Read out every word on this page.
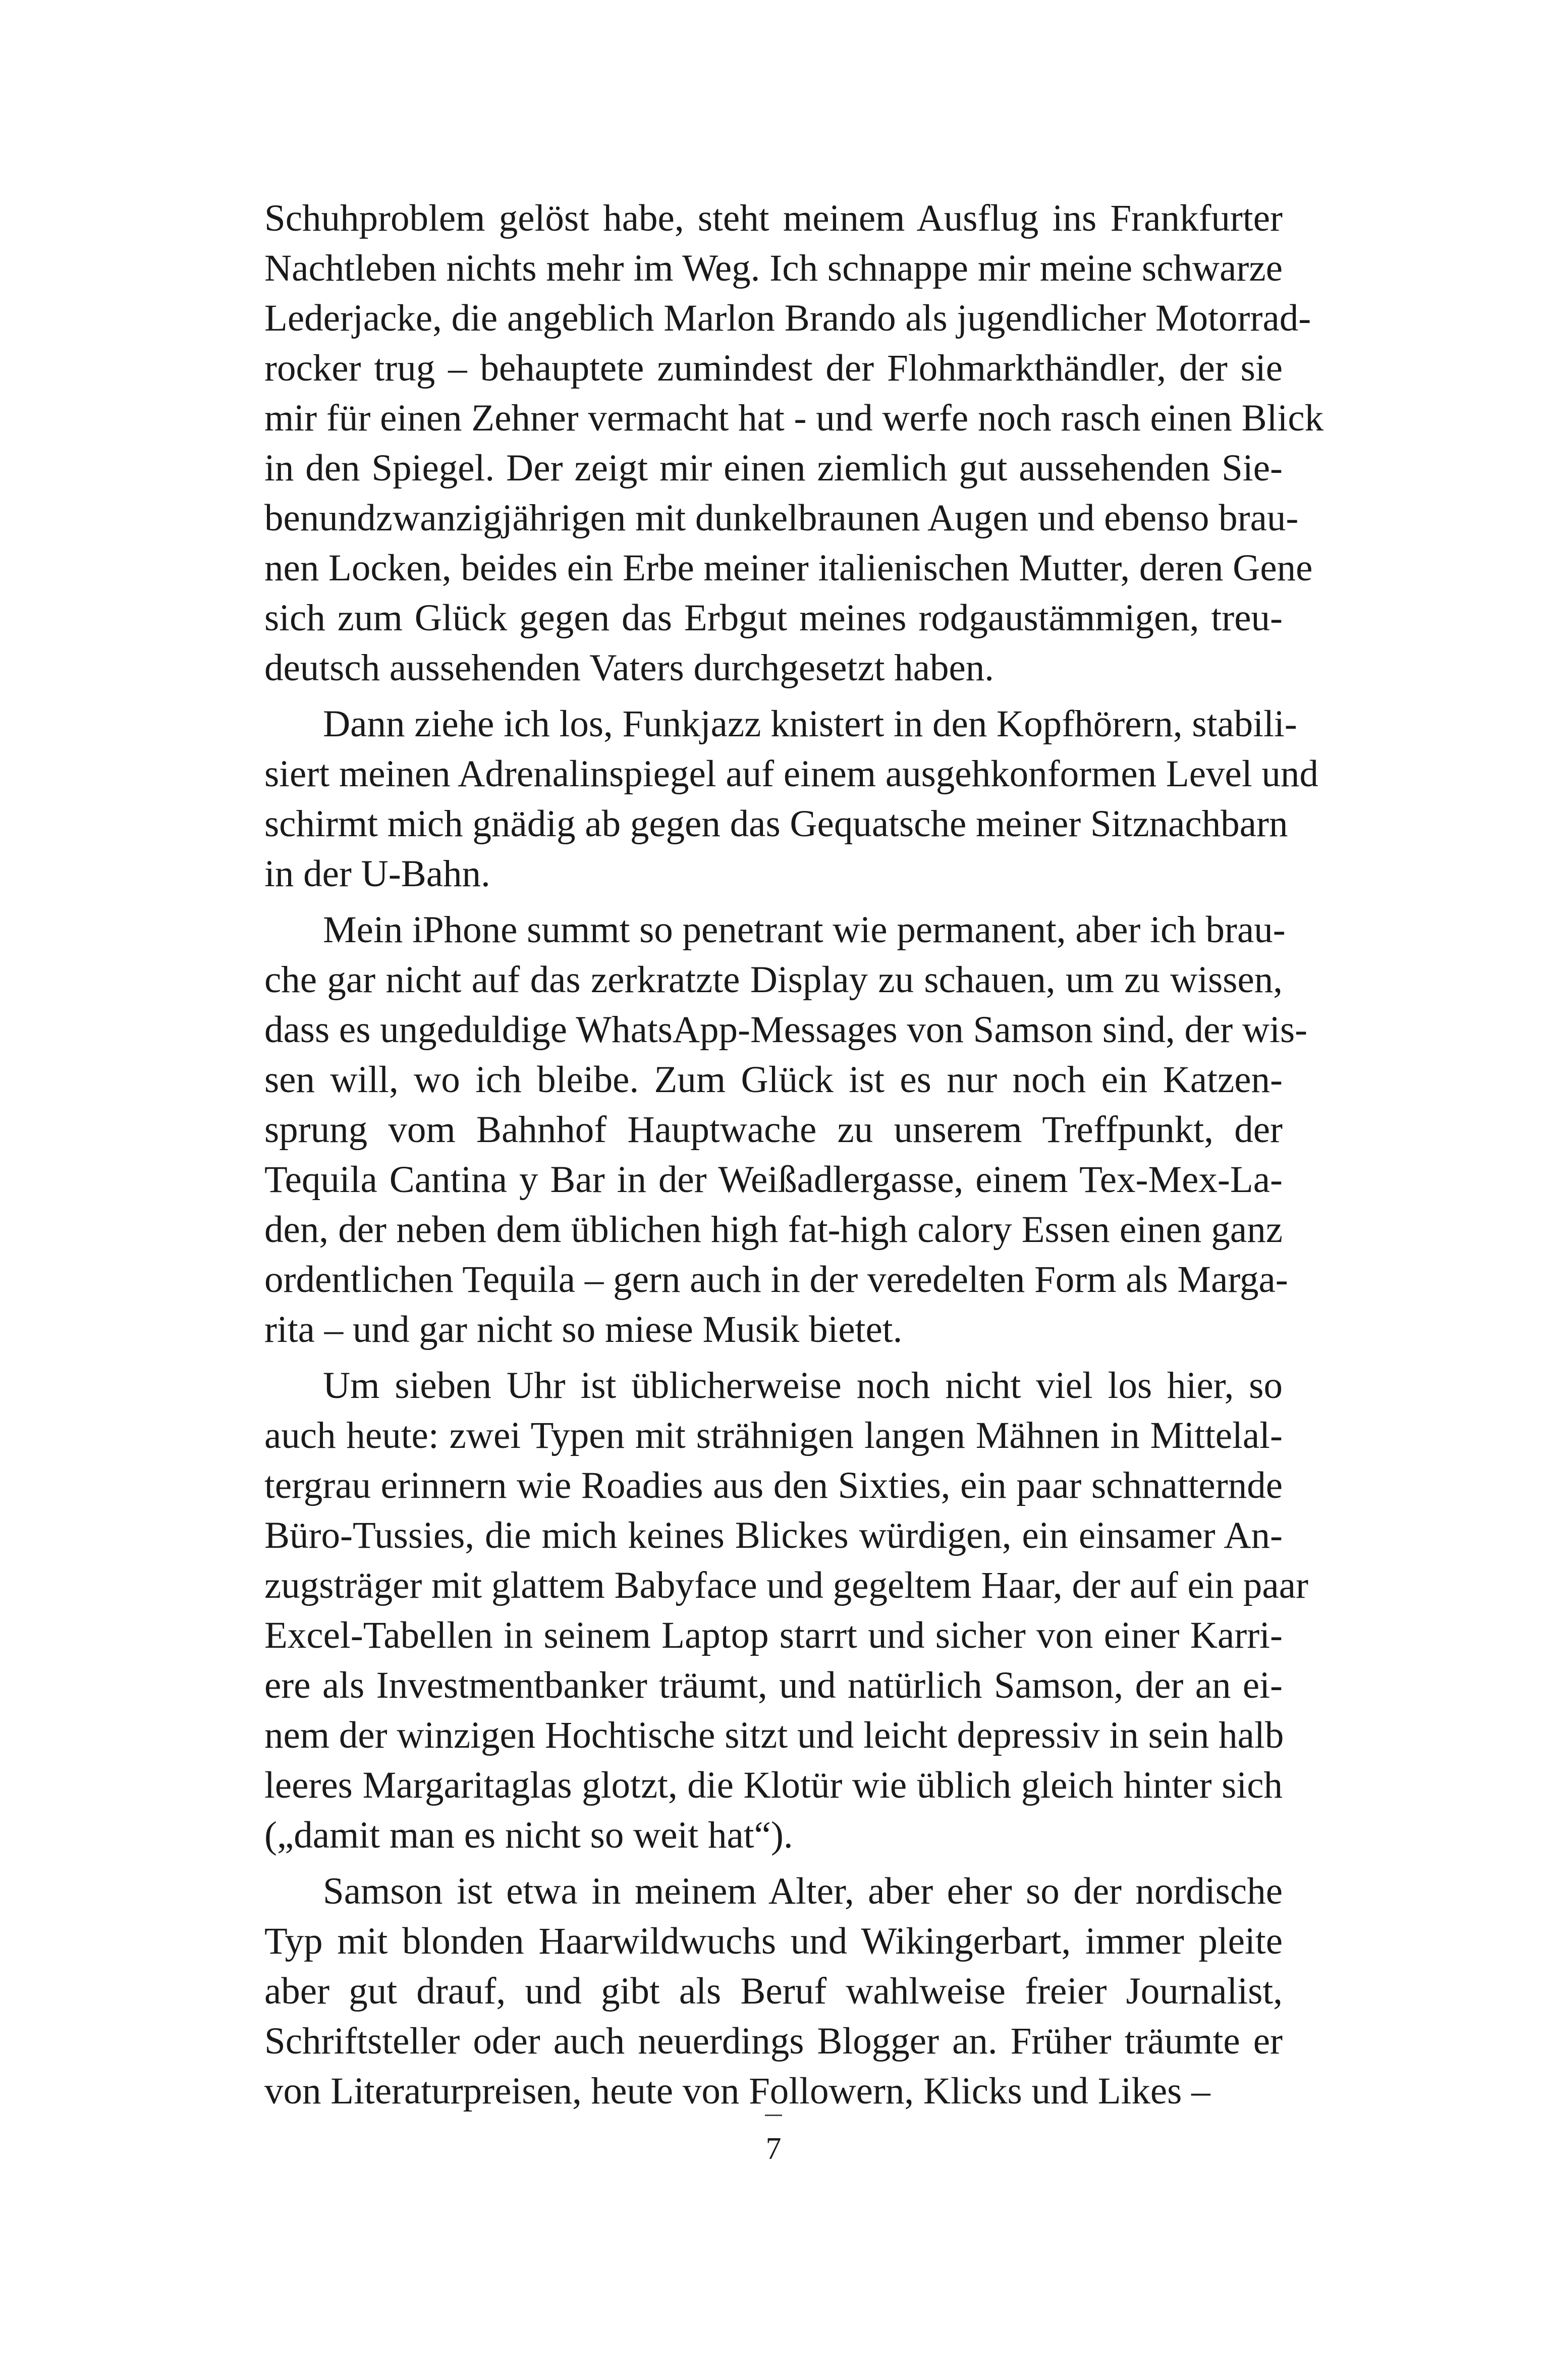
Schuhproblem gelöst habe, steht meinem Ausflug ins Frankfurter
Nachtleben nichts mehr im Weg. Ich schnappe mir meine schwarze
Lederjacke, die angeblich Marlon Brando als jugendlicher Motorrad-
rocker trug – behauptete zumindest der Flohmarkthändler, der sie
mir für einen Zehner vermacht hat - und werfe noch rasch einen Blick
in den Spiegel. Der zeigt mir einen ziemlich gut aussehenden Sie-
benundzwanzigjährigen mit dunkelbraunen Augen und ebenso brau-
nen Locken, beides ein Erbe meiner italienischen Mutter, deren Gene
sich zum Glück gegen das Erbgut meines rodgaustämmigen, treu-
deutsch aussehenden Vaters durchgesetzt haben.
Dann ziehe ich los, Funkjazz knistert in den Kopfhörern, stabili-
siert meinen Adrenalinspiegel auf einem ausgehkonformen Level und
schirmt mich gnädig ab gegen das Gequatsche meiner Sitznachbarn
in der U-Bahn.
Mein iPhone summt so penetrant wie permanent, aber ich brau-
che gar nicht auf das zerkratzte Display zu schauen, um zu wissen,
dass es ungeduldige WhatsApp-Messages von Samson sind, der wis-
sen will, wo ich bleibe. Zum Glück ist es nur noch ein Katzen-
sprung vom Bahnhof Hauptwache zu unserem Treffpunkt, der
Tequila Cantina y Bar in der Weißadlergasse, einem Tex-Mex-La-
den, der neben dem üblichen high fat-high calory Essen einen ganz
ordentlichen Tequila – gern auch in der veredelten Form als Marga-
rita – und gar nicht so miese Musik bietet.
Um sieben Uhr ist üblicherweise noch nicht viel los hier, so
auch heute: zwei Typen mit strähnigen langen Mähnen in Mittelal-
tergrau erinnern wie Roadies aus den Sixties, ein paar schnatternde
Büro-Tussies, die mich keines Blickes würdigen, ein einsamer An-
zugsträger mit glattem Babyface und gegeltem Haar, der auf ein paar
Excel-Tabellen in seinem Laptop starrt und sicher von einer Karri-
ere als Investmentbanker träumt, und natürlich Samson, der an ei-
nem der winzigen Hochtische sitzt und leicht depressiv in sein halb
leeres Margaritaglas glotzt, die Klotür wie üblich gleich hinter sich
(„damit man es nicht so weit hat“).
Samson ist etwa in meinem Alter, aber eher so der nordische
Typ mit blonden Haarwildwuchs und Wikingerbart, immer pleite
aber gut drauf, und gibt als Beruf wahlweise freier Journalist,
Schriftsteller oder auch neuerdings Blogger an. Früher träumte er
von Literaturpreisen, heute von Followern, Klicks und Likes –
7
